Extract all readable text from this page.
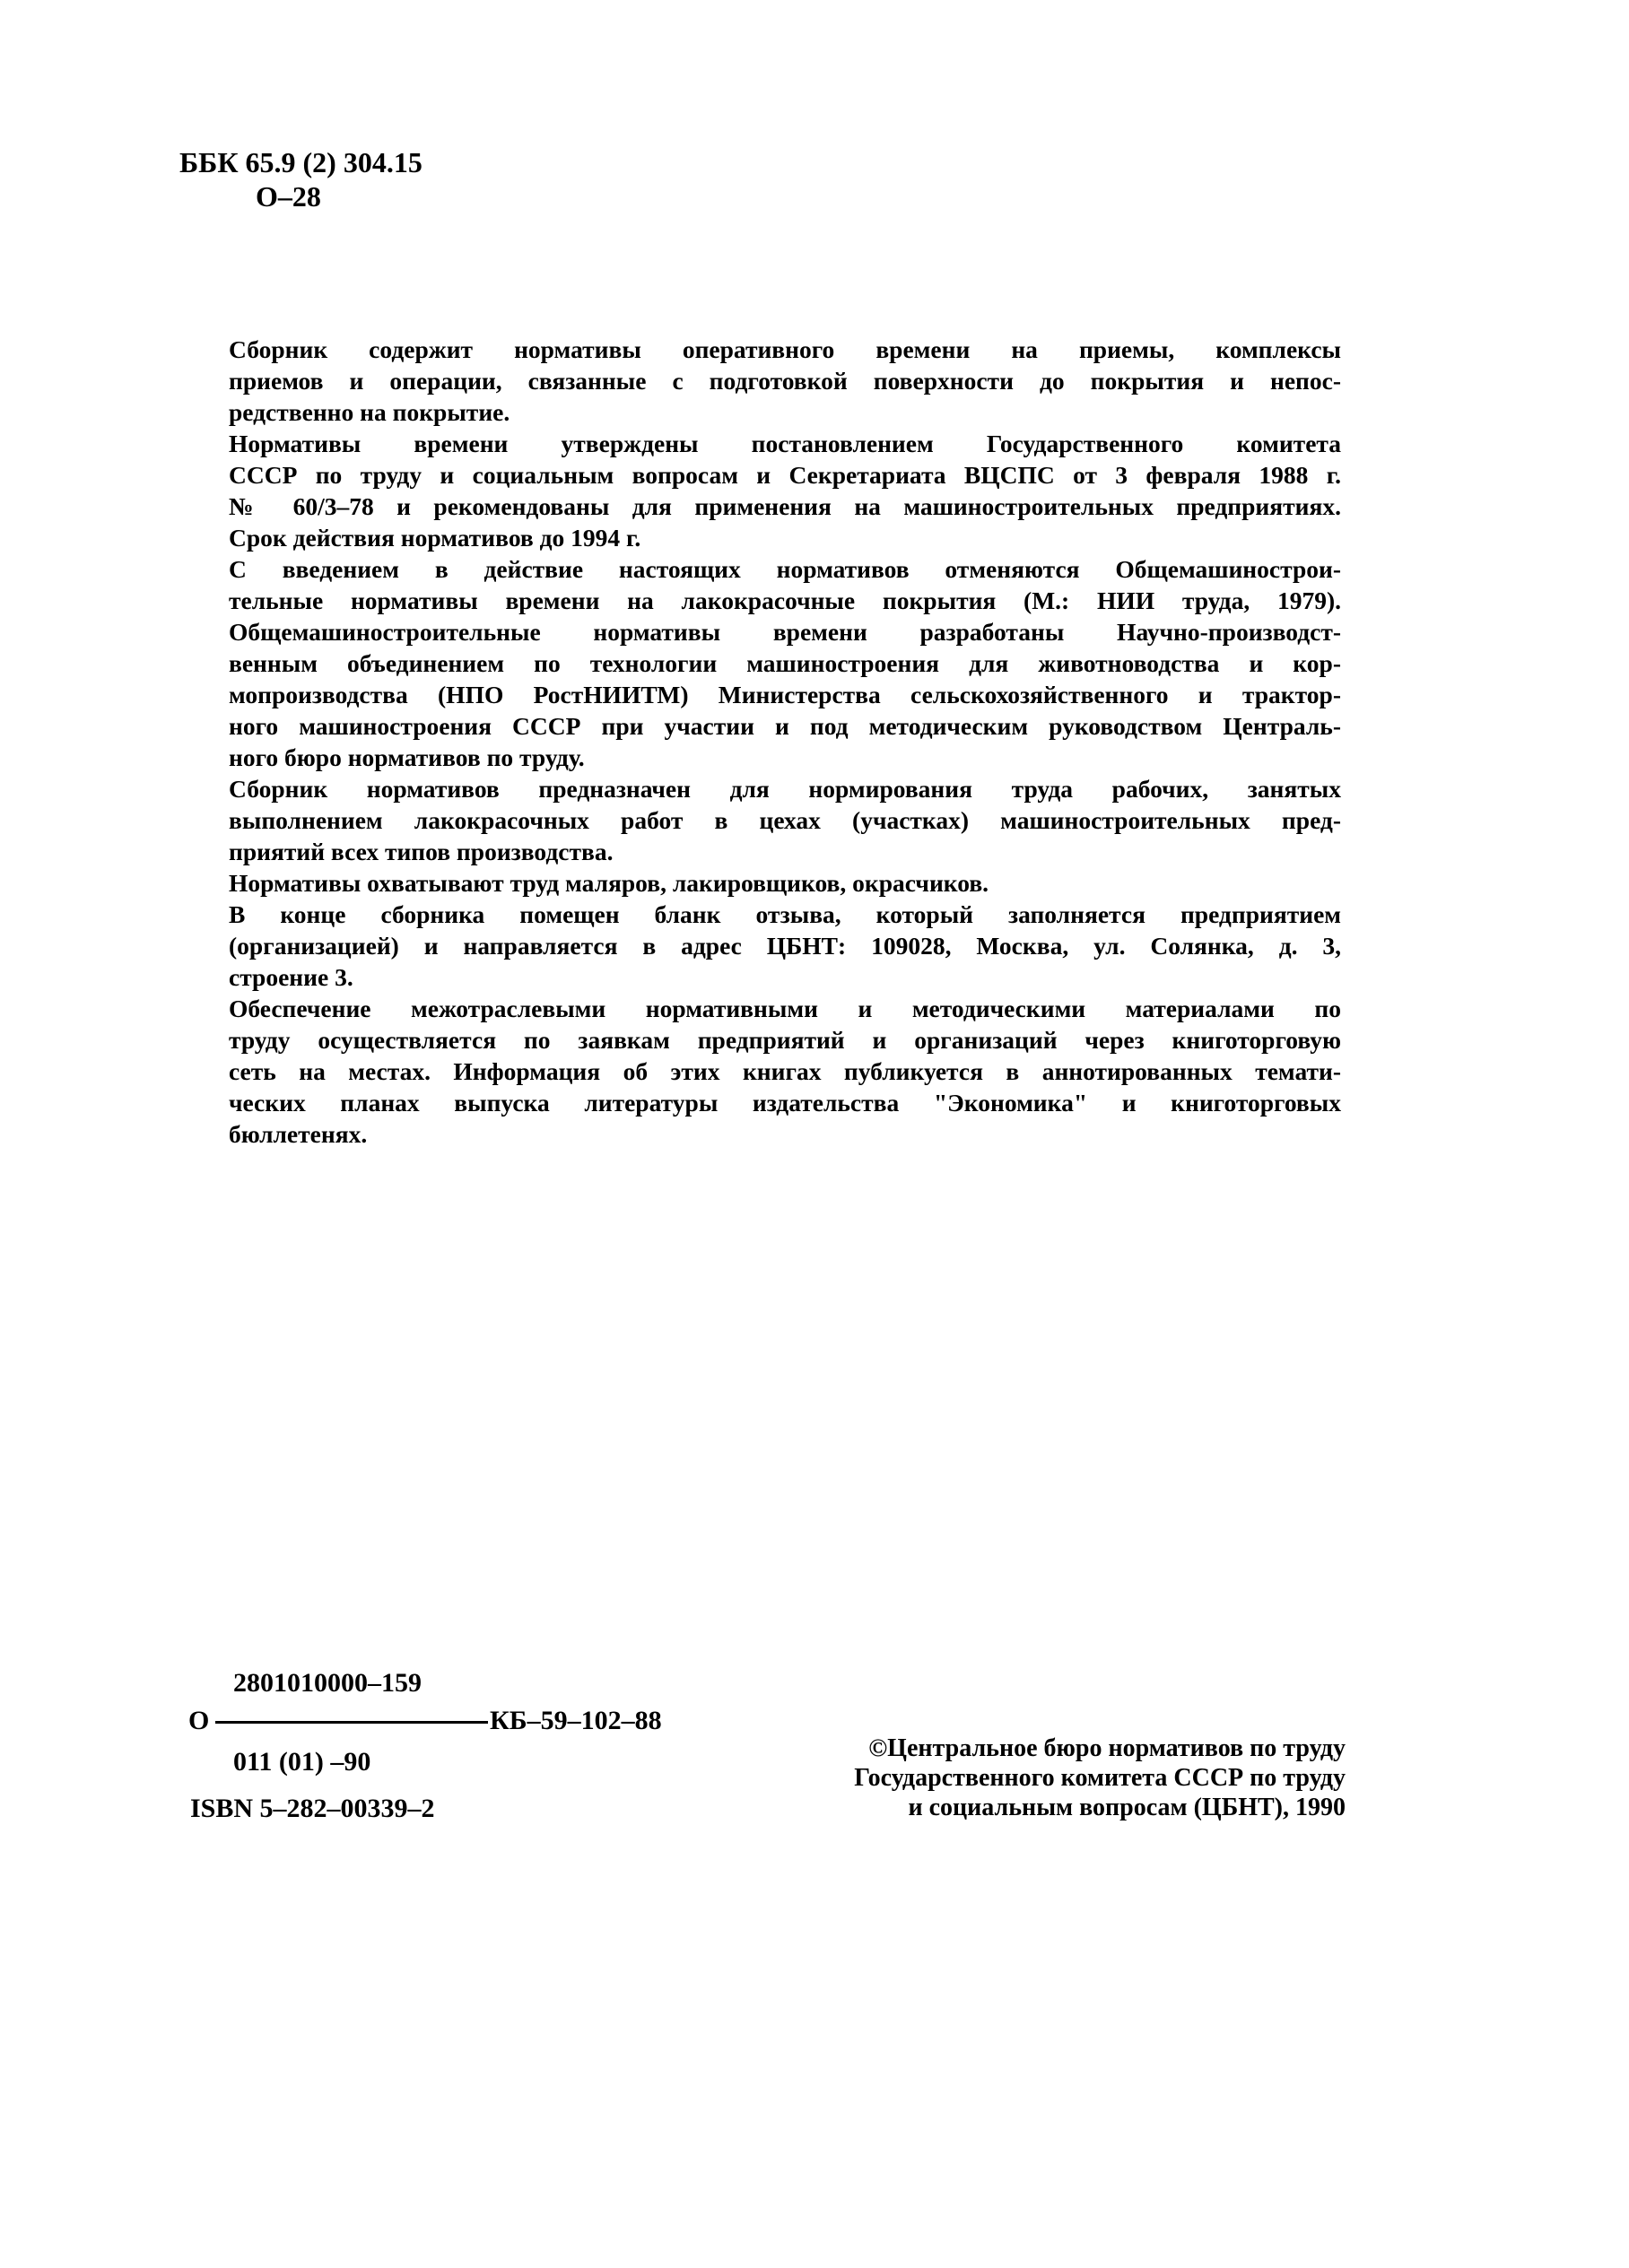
ББК 65.9 (2) 304.15
О–28

Сборник содержит нормативы оперативного времени на приемы, комплексы
приемов и операции, связанные с подготовкой поверхности до покрытия и непос-
редственно на покрытие.

Нормативы времени утверждены постановлением Государственного комитета
СССР по труду и социальным вопросам и Секретариата ВЦСПС от 3 февраля 1988 г.
№ 60/3–78 и рекомендованы для применения на машиностроительных предприятиях.

Срок действия нормативов до 1994 г.

С введением в действие настоящих нормативов отменяются Общемашинострои-
тельные нормативы времени на лакокрасочные покрытия (М.: НИИ труда, 1979).

Общемашиностроительные нормативы времени разработаны Научно-производст-
венным объединением по технологии машиностроения для животноводства и кор-
мопроизводства (НПО РостНИИТМ) Министерства сельскохозяйственного и трактор-
ного машиностроения СССР при участии и под методическим руководством Централь-
ного бюро нормативов по труду.

Сборник нормативов предназначен для нормирования труда рабочих, занятых
выполнением лакокрасочных работ в цехах (участках) машиностроительных пред-
приятий всех типов производства.

Нормативы охватывают труд маляров, лакировщиков, окрасчиков.

В конце сборника помещен бланк отзыва, который заполняется предприятием
(организацией) и направляется в адрес ЦБНТ: 109028, Москва, ул. Солянка, д. 3,
строение 3.

Обеспечение межотраслевыми нормативными и методическими материалами по
труду осуществляется по заявкам предприятий и организаций через книготорговую
сеть на местах. Информация об этих книгах публикуется в аннотированных темати-
ческих планах выпуска литературы издательства "Экономика" и книготорговых
бюллетенях.

2801010000–159
О	КБ–59–102–88
011 (01) –90
ISBN 5–282–00339–2
©Центральное бюро нормативов по труду
Государственного комитета СССР по труду
и социальным вопросам (ЦБНТ), 1990
